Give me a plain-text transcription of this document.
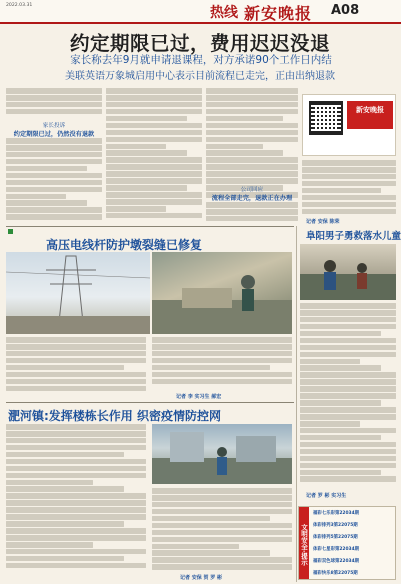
2022.03.31	热线 新安晚报 A08
约定期限已过，费用迟迟没退
家长称去年9月就申请退课程，对方承诺90个工作日内结
美联英语万象城启用中心表示目前流程已走完，正由出纳退款
家长投诉
约定期限已过，仍然没有退款
公司回应
流程全部走完，退款正在办理
新安晚报
记者 安保 陈荣
高压电线杆防护墩裂缝已修复
记者 李 实习生 郝宏
淝河镇:发挥楼栋长作用 织密疫情防控网
记者 安保 贺 罗 彬
阜阳男子勇救落水儿童
记者 罗 彬 实习生
文明安全·提示
福彩七乐彩第22034期

体彩排列3第22075期

体彩排列5第22075期

体彩七星彩第22034期

福彩双色球第22034期

福彩快乐8第22075期
